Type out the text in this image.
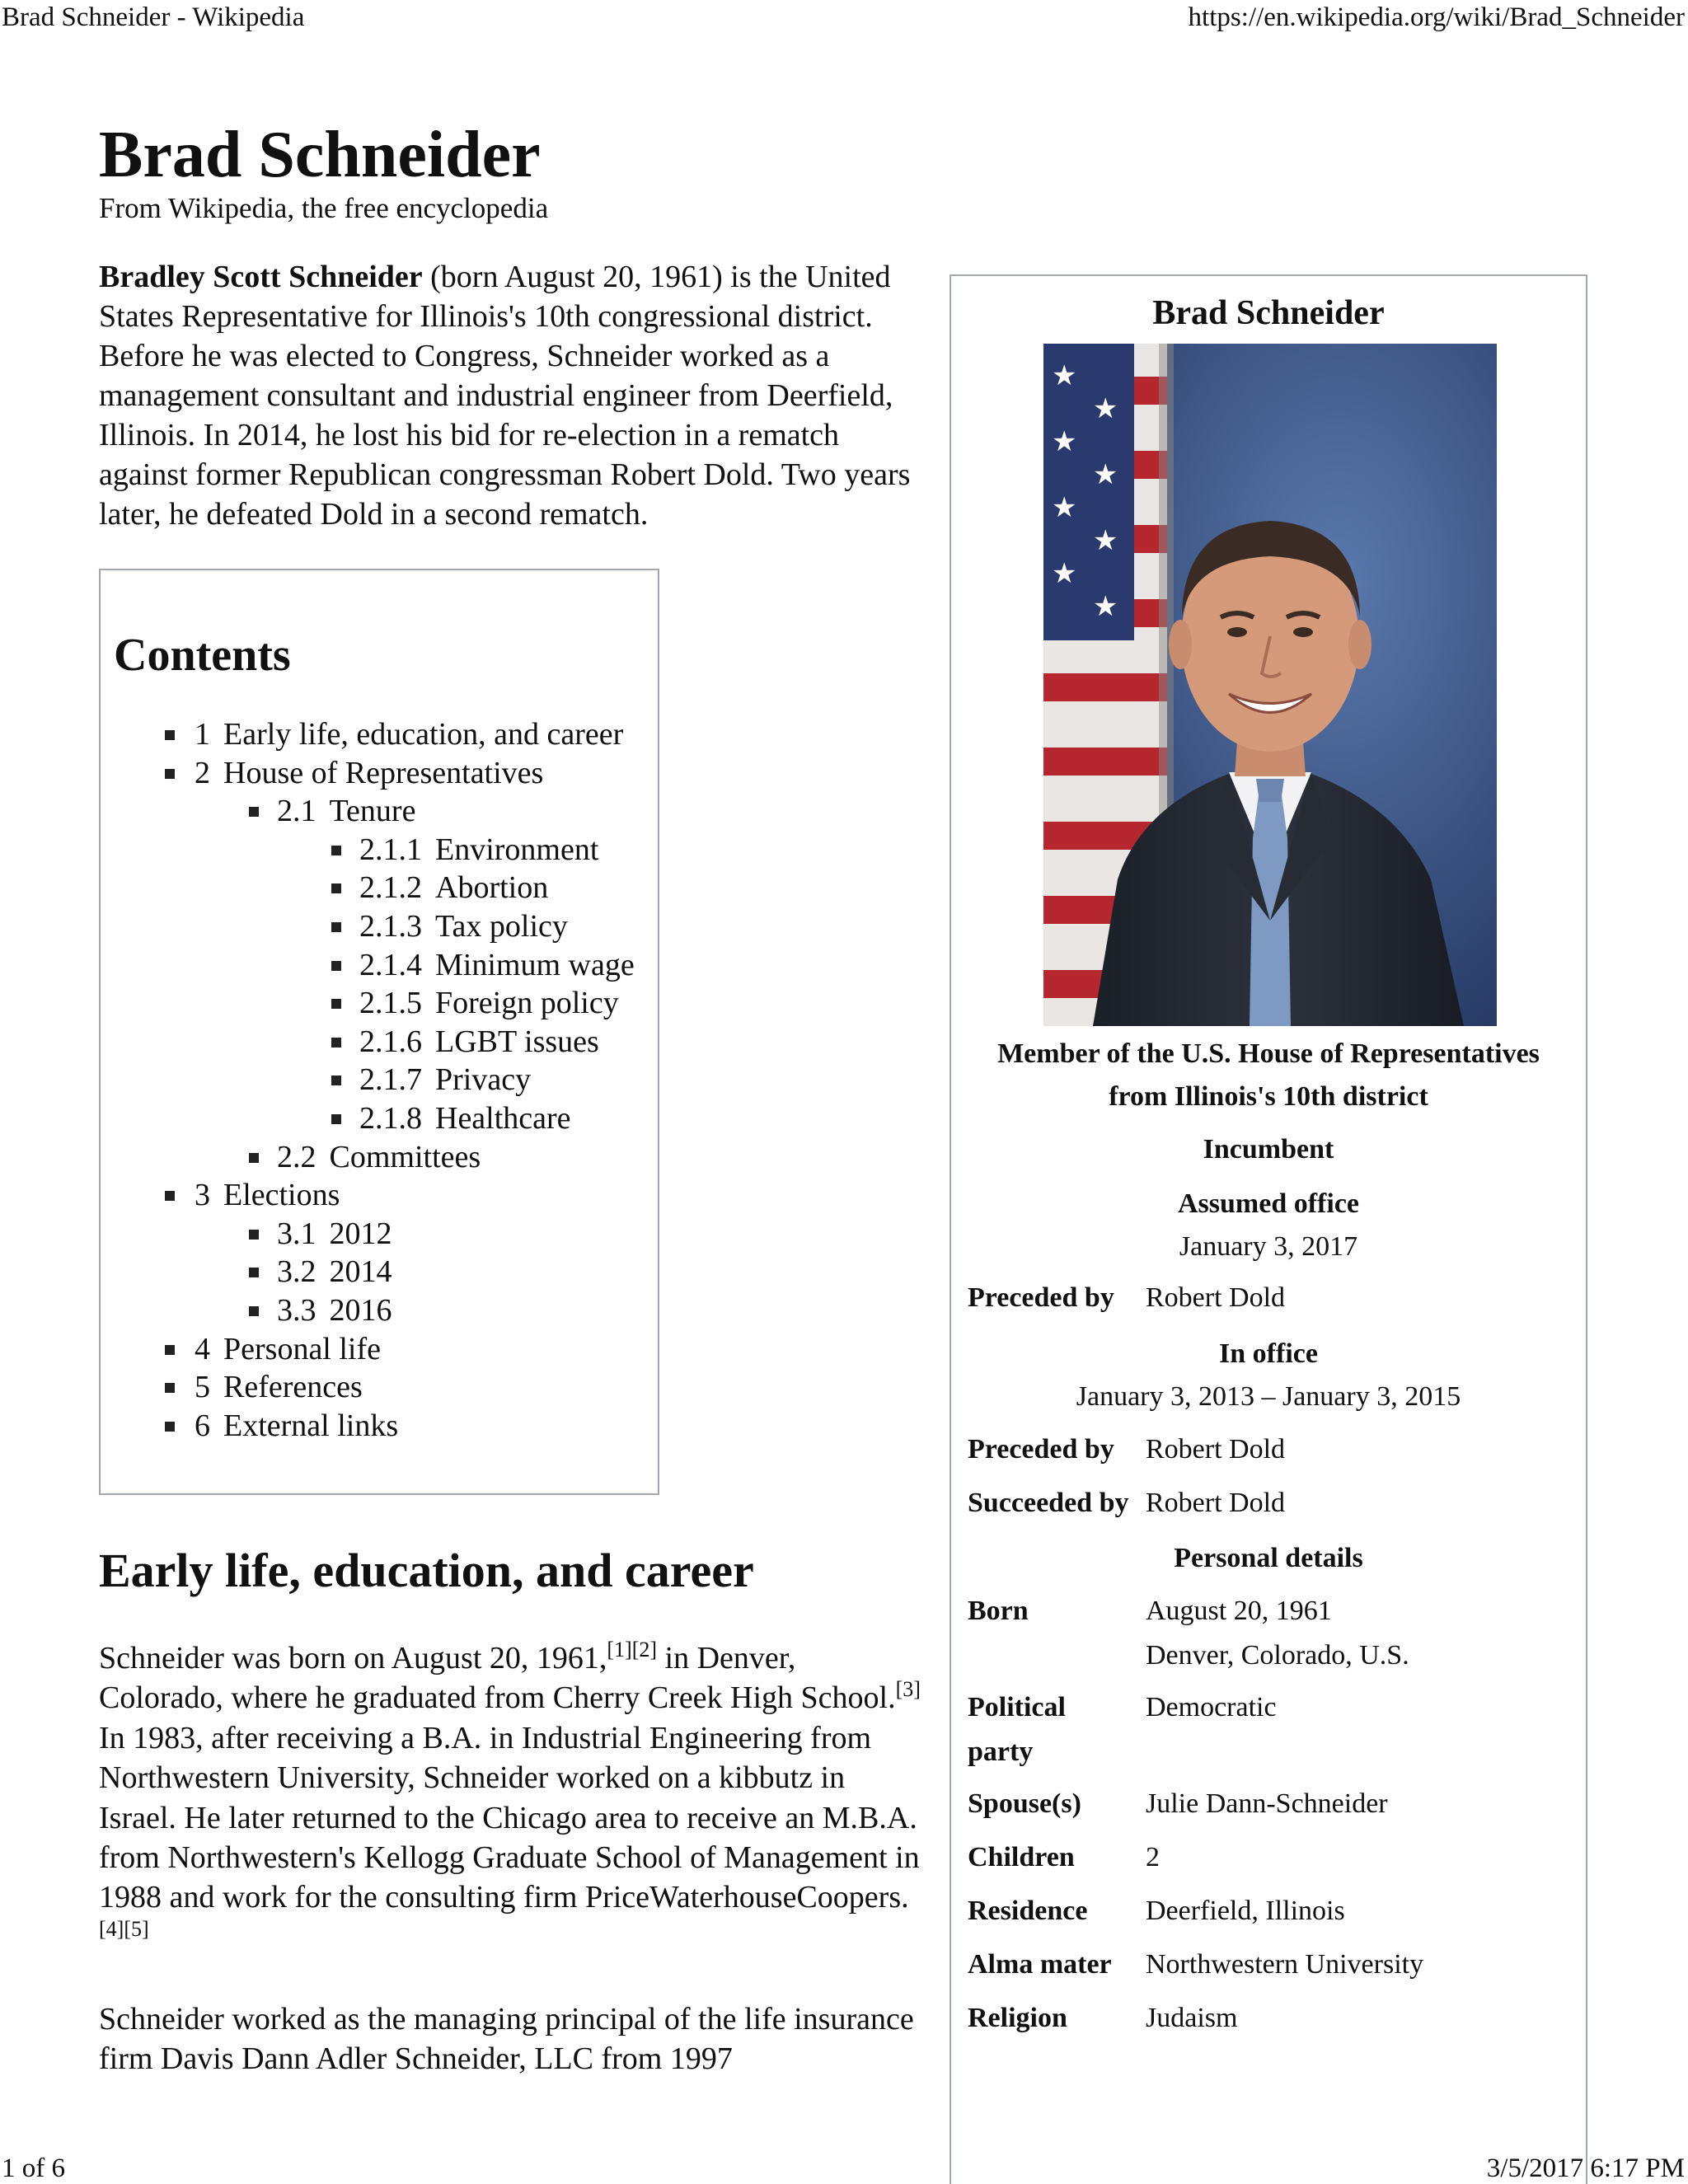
Brad Schneider - Wikipedia	https://en.wikipedia.org/wiki/Brad_Schneider
Brad Schneider
From Wikipedia, the free encyclopedia

Bradley Scott Schneider (born August 20, 1961) is the United States Representative for Illinois's 10th congressional district. Before he was elected to Congress, Schneider worked as a management consultant and industrial engineer from Deerfield, Illinois. In 2014, he lost his bid for re-election in a rematch against former Republican congressman Robert Dold. Two years later, he defeated Dold in a second rematch.

Contents
1 Early life, education, and career
2 House of Representatives
2.1 Tenure
2.1.1 Environment
2.1.2 Abortion
2.1.3 Tax policy
2.1.4 Minimum wage
2.1.5 Foreign policy
2.1.6 LGBT issues
2.1.7 Privacy
2.1.8 Healthcare
2.2 Committees
3 Elections
3.1 2012
3.2 2014
3.3 2016
4 Personal life
5 References
6 External links
Early life, education, and career

Schneider was born on August 20, 1961,[1][2] in Denver, Colorado, where he graduated from Cherry Creek High School.[3] In 1983, after receiving a B.A. in Industrial Engineering from Northwestern University, Schneider worked on a kibbutz in Israel. He later returned to the Chicago area to receive an M.B.A. from Northwestern's Kellogg Graduate School of Management in 1988 and work for the consulting firm PriceWaterhouseCoopers.[4][5]

Schneider worked as the managing principal of the life insurance firm Davis Dann Adler Schneider, LLC from 1997

Brad Schneider
★
★
★
★
★
★
★
★
Member of the U.S. House of Representatives
from Illinois's 10th district
Incumbent
Assumed office
January 3, 2017
Preceded by Robert Dold
In office
January 3, 2013 – January 3, 2015
Preceded by Robert Dold
Succeeded by Robert Dold
Personal details
Born	August 20, 1961
Denver, Colorado, U.S.
Political
party
Democratic
Spouse(s) Julie Dann-Schneider
Children	2
Residence Deerfield, Illinois
Alma mater Northwestern University
Religion	Judaism
1 of 6	3/5/2017 6:17 PM
